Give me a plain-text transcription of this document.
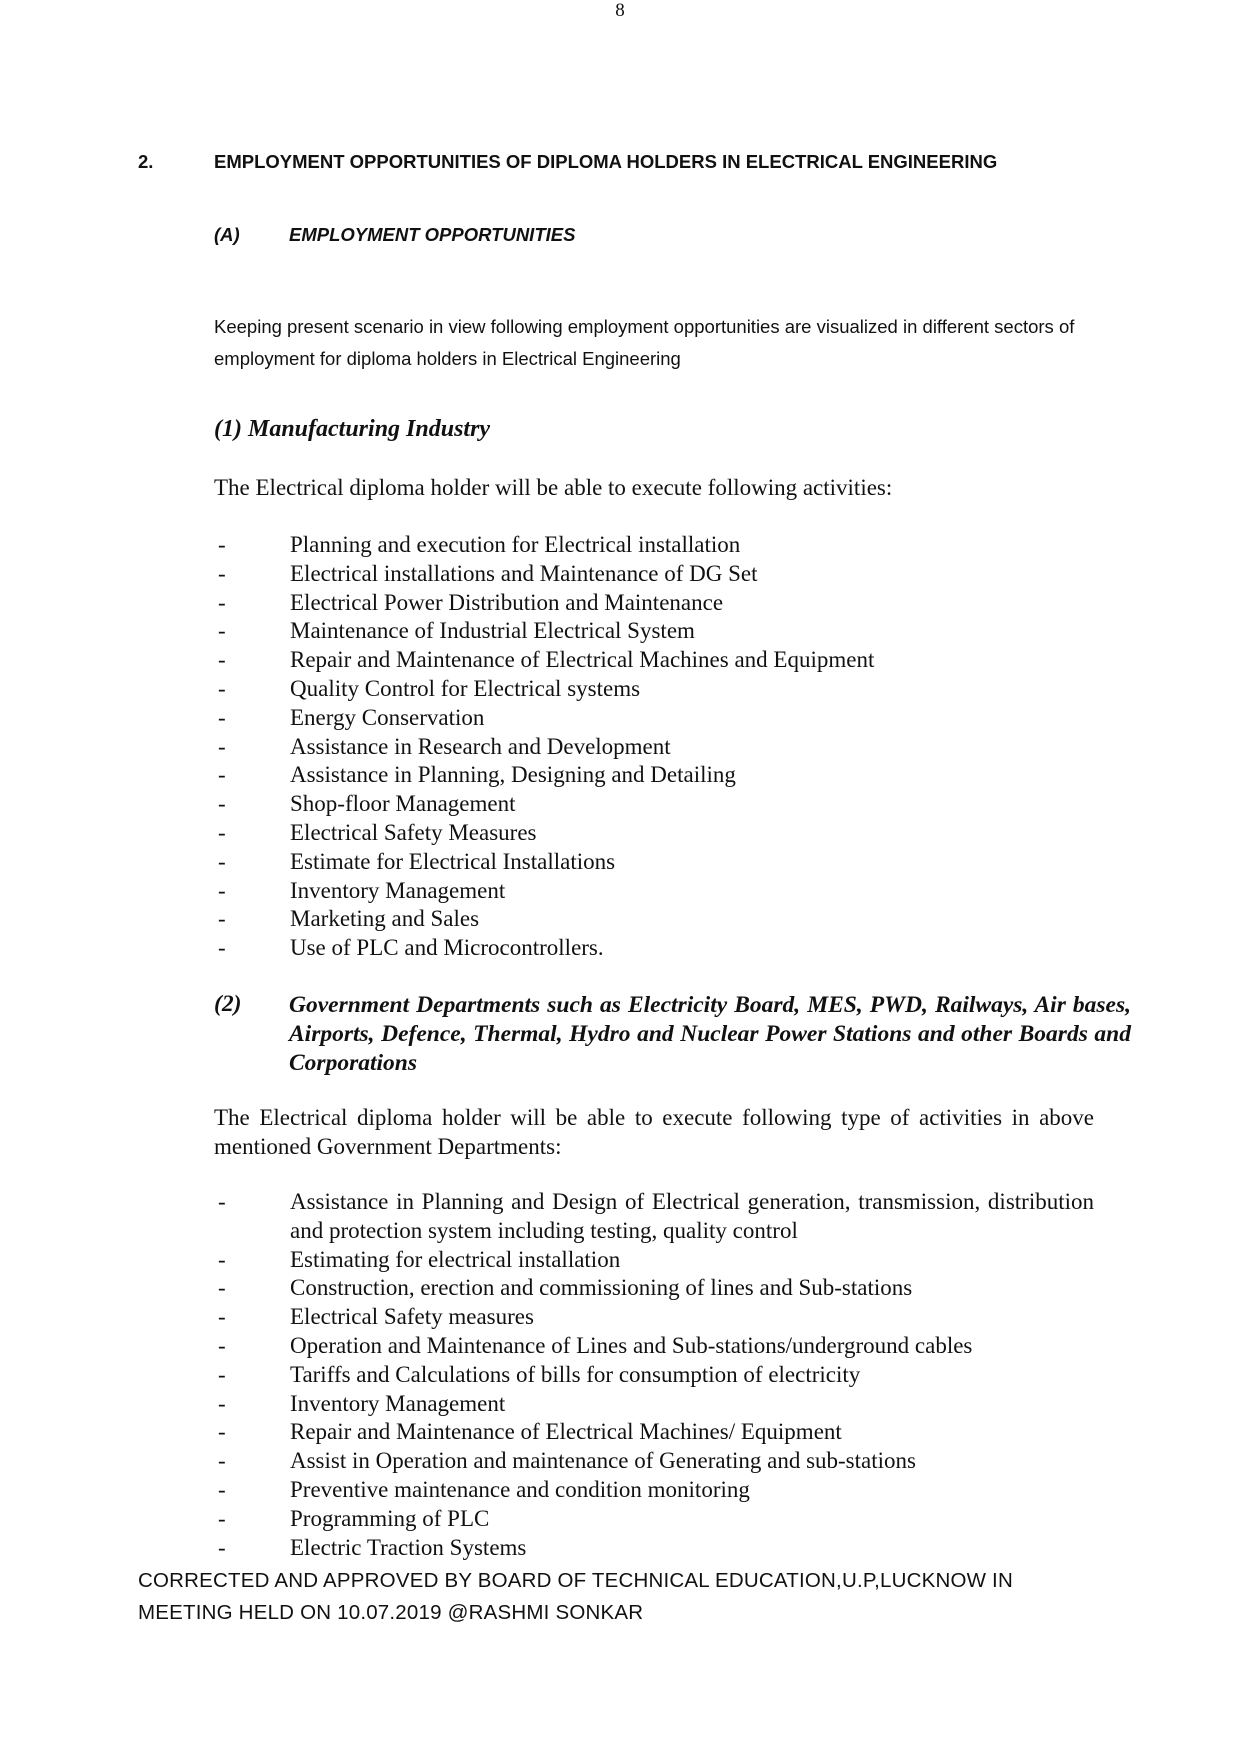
8
2.	EMPLOYMENT OPPORTUNITIES OF DIPLOMA HOLDERS IN ELECTRICAL ENGINEERING
(A)	EMPLOYMENT OPPORTUNITIES
Keeping present scenario in view following employment opportunities are visualized in different sectors of employment for diploma holders in Electrical Engineering
(1) Manufacturing Industry
The Electrical diploma holder will be able to execute following activities:
-	Planning and execution for Electrical installation
-	Electrical installations and Maintenance of DG Set
-	Electrical Power Distribution and Maintenance
-	Maintenance of Industrial Electrical System
-	Repair and Maintenance of Electrical Machines and Equipment
-	Quality Control for Electrical systems
-	Energy Conservation
-	Assistance in Research and Development
-	Assistance in Planning, Designing and Detailing
-	Shop-floor Management
-	Electrical Safety Measures
-	Estimate for Electrical Installations
-	Inventory Management
-	Marketing and Sales
-	Use of PLC and Microcontrollers.
(2) Government Departments such as Electricity Board, MES, PWD, Railways, Air bases, Airports, Defence, Thermal, Hydro and Nuclear Power Stations and other Boards and Corporations
The Electrical diploma holder will be able to execute following type of activities in above mentioned Government Departments:
-	Assistance in Planning and Design of Electrical generation, transmission, distribution and protection system including testing, quality control
-	Estimating for electrical installation
-	Construction, erection and commissioning of lines and Sub-stations
-	Electrical Safety measures
-	Operation and Maintenance of Lines and Sub-stations/underground cables
-	Tariffs and Calculations of bills for consumption of electricity
-	Inventory Management
-	Repair and Maintenance of Electrical Machines/ Equipment
-	Assist in Operation and maintenance of Generating and sub-stations
-	Preventive maintenance and condition monitoring
-	Programming of PLC
-	Electric Traction Systems
CORRECTED AND APPROVED BY BOARD OF TECHNICAL EDUCATION,U.P,LUCKNOW IN
MEETING HELD ON 10.07.2019 @RASHMI SONKAR
